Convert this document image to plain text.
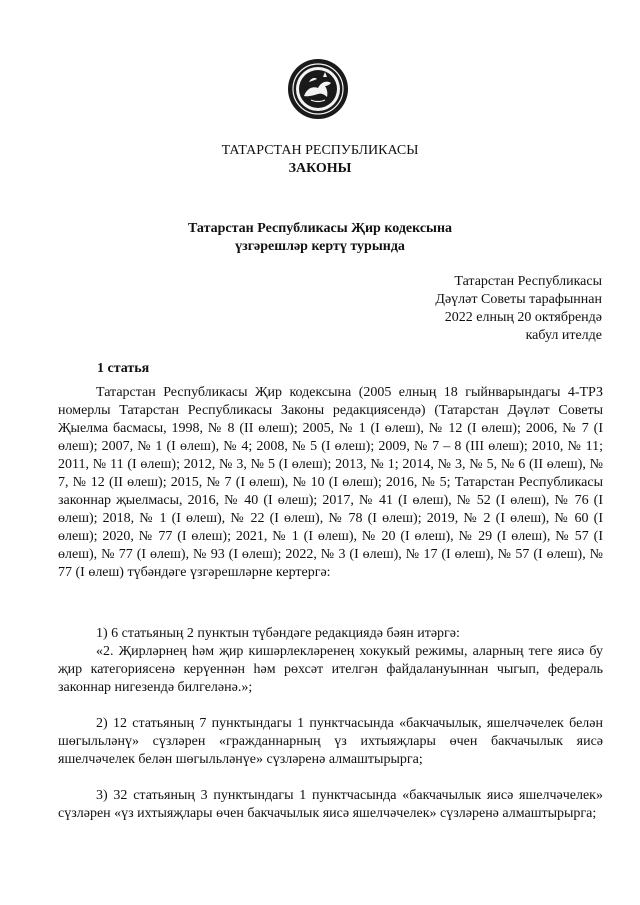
ТАТАРСТАН РЕСПУБЛИКАСЫ
ЗАКОНЫ
Татарстан Республикасы Җир кодексына
үзгәрешләр кертү турында
Татарстан Республикасы
Дәүләт Советы тарафыннан
2022 елның 20 октябрендә
кабул ителде
1 статья
Татарстан Республикасы Җир кодексына (2005 елның 18 гыйнварындагы 4-ТРЗ номерлы Татарстан Республикасы Законы редакциясендә) (Татарстан Дәүләт Советы Җыелма басмасы, 1998, № 8 (II өлеш); 2005, № 1 (I өлеш), № 12 (I өлеш); 2006, № 7 (I өлеш); 2007, № 1 (I өлеш), № 4; 2008, № 5 (I өлеш); 2009, № 7 – 8 (III өлеш); 2010, № 11; 2011, № 11 (I өлеш); 2012, № 3, № 5 (I өлеш); 2013, № 1; 2014, № 3, № 5, № 6 (II өлеш), № 7, № 12 (II өлеш); 2015, № 7 (I өлеш), № 10 (I өлеш); 2016, № 5; Татарстан Республикасы законнар җыелмасы, 2016, № 40 (I өлеш); 2017, № 41 (I өлеш), № 52 (I өлеш), № 76 (I өлеш); 2018, № 1 (I өлеш), № 22 (I өлеш), № 78 (I өлеш); 2019, № 2 (I өлеш), № 60 (I өлеш); 2020, № 77 (I өлеш); 2021, № 1 (I өлеш), № 20 (I өлеш), № 29 (I өлеш), № 57 (I өлеш), № 77 (I өлеш), № 93 (I өлеш); 2022, № 3 (I өлеш), № 17 (I өлеш), № 57 (I өлеш), № 77 (I өлеш) түбәндәге үзгәрешләрне кертергә:
1) 6 статьяның 2 пунктын түбәндәге редакциядә бәян итәргә:
«2. Җирләрнең һәм җир кишәрлекләренең хокукый режимы, аларның теге яисә бу җир категориясенә керүеннән һәм рөхсәт ителгән файдалануыннан чыгып, федераль законнар нигезендә билгеләнә.»;
2) 12 статьяның 7 пунктындагы 1 пунктчасында «бакчачылык, яшелчәчелек белән шөгыльләнү» сүзләрен «гражданнарның үз ихтыяҗлары өчен бакчачылык яисә яшелчәчелек белән шөгыльләнүе» сүзләренә алмаштырырга;
3) 32 статьяның 3 пунктындагы 1 пунктчасында «бакчачылык яисә яшелчәчелек» сүзләрен «үз ихтыяҗлары өчен бакчачылык яисә яшелчәчелек» сүзләренә алмаштырырга;
